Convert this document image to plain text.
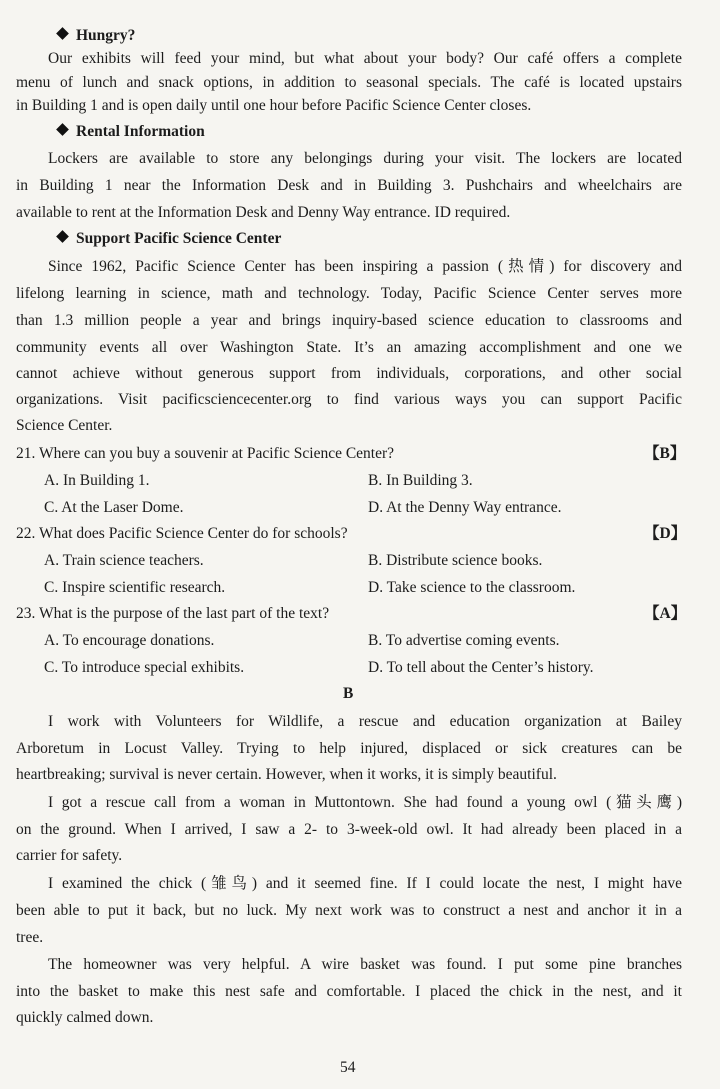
Hungry?
Our exhibits will feed your mind, but what about your body? Our café offers a complete
menu of lunch and snack options, in addition to seasonal specials. The café is located upstairs
in Building 1 and is open daily until one hour before Pacific Science Center closes.
Rental Information
Lockers are available to store any belongings during your visit. The lockers are located
in Building 1 near the Information Desk and in Building 3. Pushchairs and wheelchairs are
available to rent at the Information Desk and Denny Way entrance. ID required.
Support Pacific Science Center
Since 1962, Pacific Science Center has been inspiring a passion (热情) for discovery and
lifelong learning in science, math and technology. Today, Pacific Science Center serves more
than 1.3 million people a year and brings inquiry-based science education to classrooms and
community events all over Washington State. It’s an amazing accomplishment and one we
cannot achieve without generous support from individuals, corporations, and other social
organizations. Visit pacificsciencecenter.org to find various ways you can support Pacific
Science Center.
21. Where can you buy a souvenir at Pacific Science Center?	【B】
A. In Building 1.	B. In Building 3.
C. At the Laser Dome.	D. At the Denny Way entrance.
22. What does Pacific Science Center do for schools?	【D】
A. Train science teachers.	B. Distribute science books.
C. Inspire scientific research.	D. Take science to the classroom.
23. What is the purpose of the last part of the text?	【A】
A. To encourage donations.	B. To advertise coming events.
C. To introduce special exhibits.	D. To tell about the Center’s history.
B
I work with Volunteers for Wildlife, a rescue and education organization at Bailey
Arboretum in Locust Valley. Trying to help injured, displaced or sick creatures can be
heartbreaking; survival is never certain. However, when it works, it is simply beautiful.
I got a rescue call from a woman in Muttontown. She had found a young owl (猫头鹰)
on the ground. When I arrived, I saw a 2- to 3-week-old owl. It had already been placed in a
carrier for safety.
I examined the chick (雏鸟) and it seemed fine. If I could locate the nest, I might have
been able to put it back, but no luck. My next work was to construct a nest and anchor it in a
tree.
The homeowner was very helpful. A wire basket was found. I put some pine branches
into the basket to make this nest safe and comfortable. I placed the chick in the nest, and it
quickly calmed down.
54
